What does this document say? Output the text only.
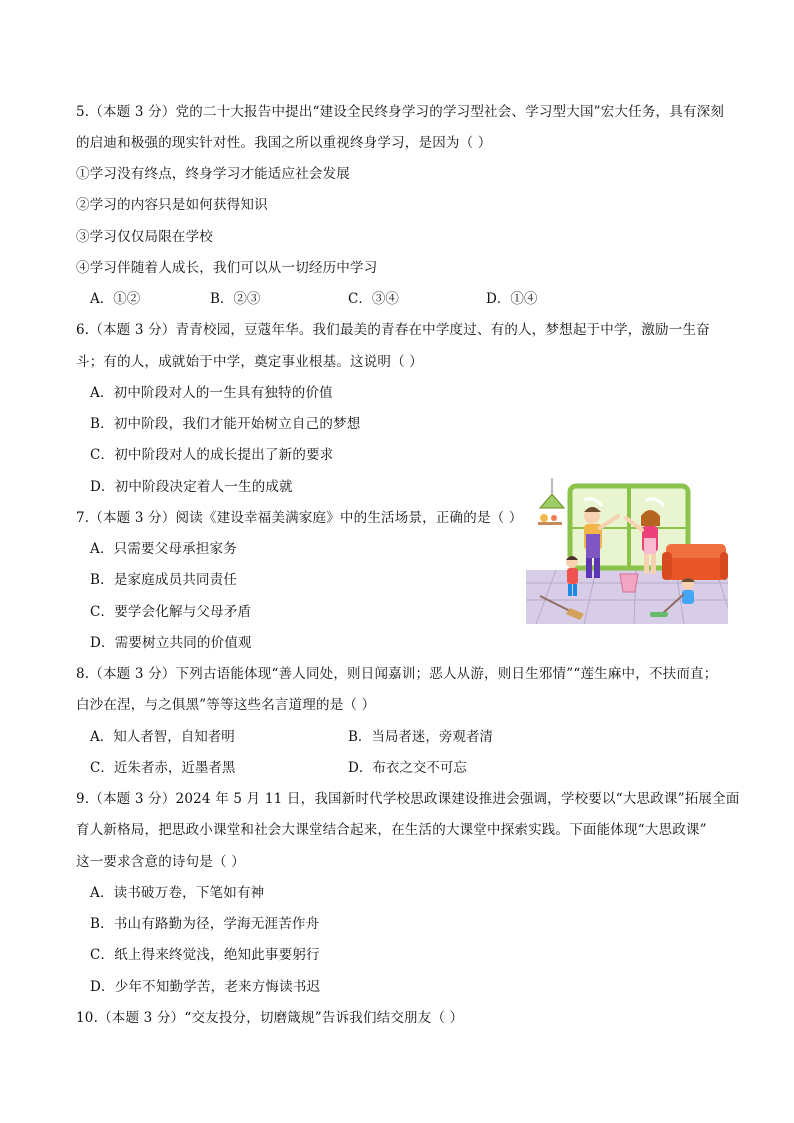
5.（本题 3 分）党的二十大报告中提出“建设全民终身学习的学习型社会、学习型大国”宏大任务，具有深刻
的启迪和极强的现实针对性。我国之所以重视终身学习，是因为（ ）
①学习没有终点，终身学习才能适应社会发展
②学习的内容只是如何获得知识
③学习仅仅局限在学校
④学习伴随着人成长，我们可以从一切经历中学习
A．①②	B．②③	C．③④	D．①④
6.（本题 3 分）青青校园，豆蔻年华。我们最美的青春在中学度过、有的人，梦想起于中学，激励一生奋
斗；有的人，成就始于中学，奠定事业根基。这说明（ ）
A．初中阶段对人的一生具有独特的价值
B．初中阶段，我们才能开始树立自己的梦想
C．初中阶段对人的成长提出了新的要求
D．初中阶段决定着人一生的成就
7.（本题 3 分）阅读《建设幸福美满家庭》中的生活场景，正确的是（ ）
A．只需要父母承担家务
B．是家庭成员共同责任
C．要学会化解与父母矛盾
D．需要树立共同的价值观
8.（本题 3 分）下列古语能体现“善人同处，则日闻嘉训；恶人从游，则日生邪情”“莲生麻中，不扶而直；
白沙在涅，与之俱黑”等等这些名言道理的是（ ）
A．知人者智，自知者明	B．当局者迷，旁观者清
C．近朱者赤，近墨者黑	D．布衣之交不可忘
9.（本题 3 分）2024 年 5 月 11 日，我国新时代学校思政课建设推进会强调，学校要以“大思政课”拓展全面
育人新格局，把思政小课堂和社会大课堂结合起来，在生活的大课堂中探索实践。下面能体现“大思政课”
这一要求含意的诗句是（ ）
A．读书破万卷，下笔如有神
B．书山有路勤为径，学海无涯苦作舟
C．纸上得来终觉浅，绝知此事要躬行
D．少年不知勤学苦，老来方悔读书迟
10.（本题 3 分）“交友投分，切磨箴规”告诉我们结交朋友（ ）
